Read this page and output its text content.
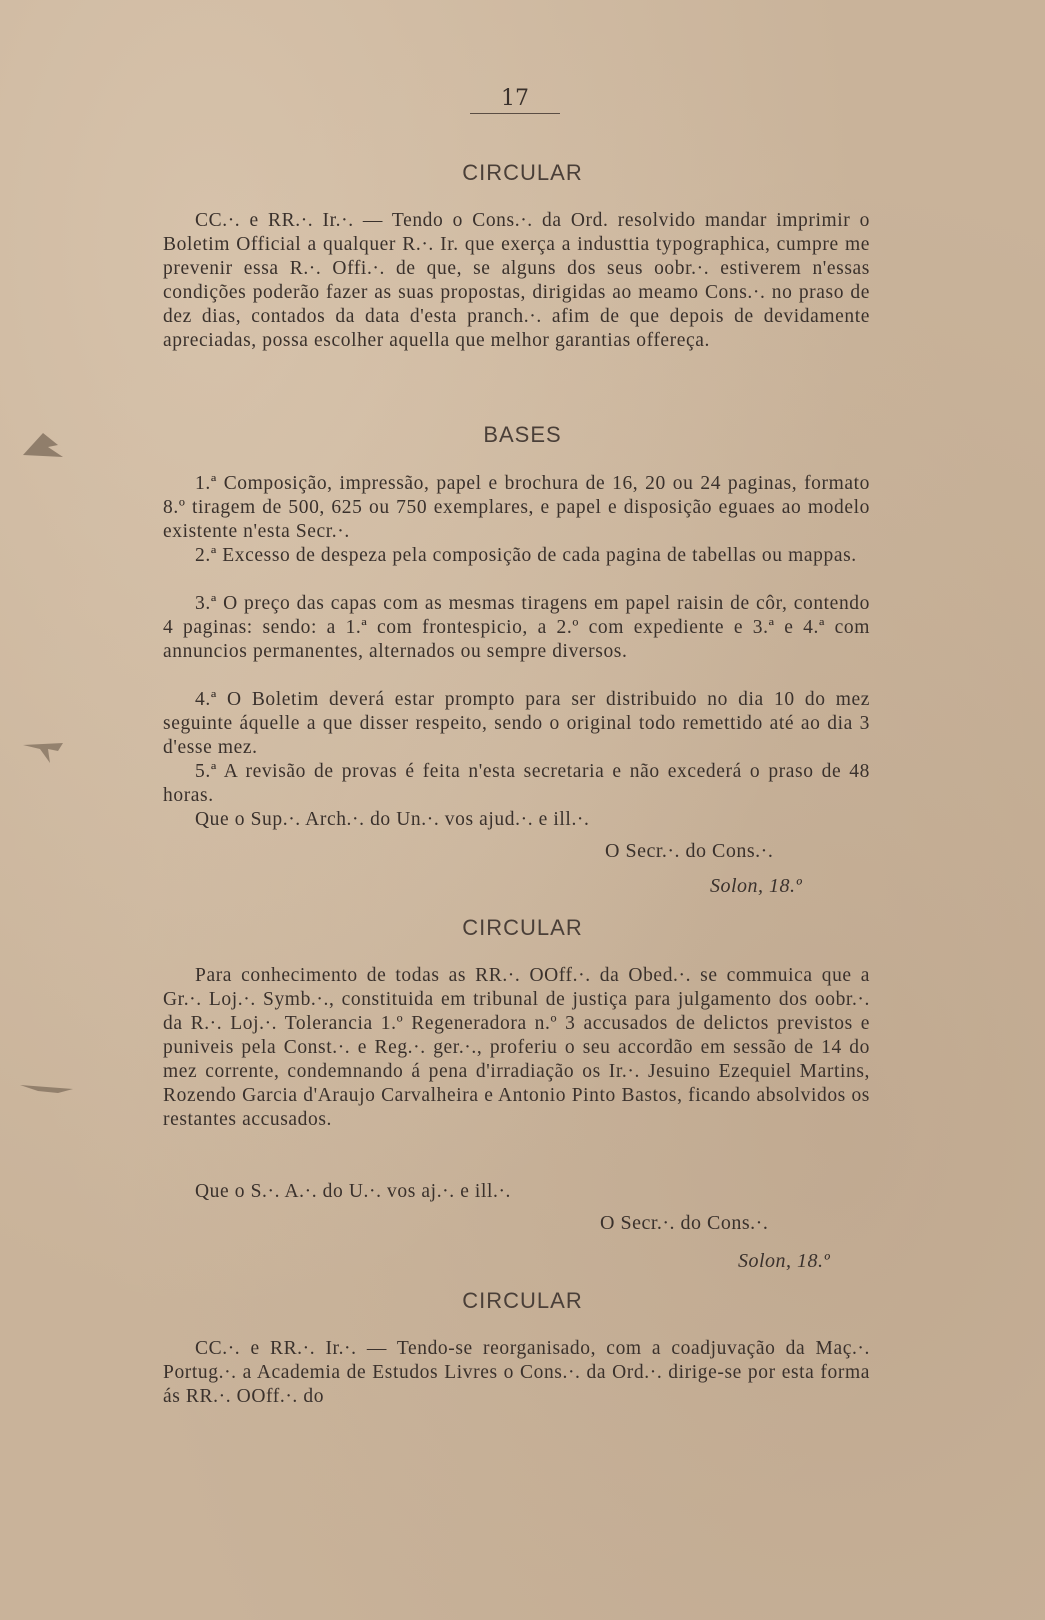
17
CIRCULAR
CC.·. e RR.·. Ir.·. — Tendo o Cons.·. da Ord. resolvido mandar imprimir o Boletim Official a qualquer R.·. Ir. que exerça a industtia typographica, cumpre me prevenir essa R.·. Offi.·. de que, se alguns dos seus oobr.·. estiverem n'essas condições poderão fazer as suas propostas, dirigidas ao meamo Cons.·. no praso de dez dias, contados da data d'esta pranch.·. afim de que depois de devidamente apreciadas, possa escolher aquella que melhor garantias offereça.
BASES
1.ª Composição, impressão, papel e brochura de 16, 20 ou 24 paginas, formato 8.º tiragem de 500, 625 ou 750 exemplares, e papel e disposição eguaes ao modelo existente n'esta Secr.·.
2.ª Excesso de despeza pela composição de cada pagina de tabellas ou mappas.
3.ª O preço das capas com as mesmas tiragens em papel raisin de côr, contendo 4 paginas: sendo: a 1.ª com frontespicio, a 2.º com expediente e 3.ª e 4.ª com annuncios permanentes, alternados ou sempre diversos.
4.ª O Boletim deverá estar prompto para ser distribuido no dia 10 do mez seguinte áquelle a que disser respeito, sendo o original todo remettido até ao dia 3 d'esse mez.
5.ª A revisão de provas é feita n'esta secretaria e não excederá o praso de 48 horas.
Que o Sup.·. Arch.·. do Un.·. vos ajud.·. e ill.·.
O Secr.·. do Cons.·.
Solon, 18.º
CIRCULAR
Para conhecimento de todas as RR.·. OOff.·. da Obed.·. se commuica que a Gr.·. Loj.·. Symb.·., constituida em tribunal de justiça para julgamento dos oobr.·. da R.·. Loj.·. Tolerancia 1.º Regeneradora n.º 3 accusados de delictos previstos e puniveis pela Const.·. e Reg.·. ger.·., proferiu o seu accordão em sessão de 14 do mez corrente, condemnando á pena d'irradiação os Ir.·. Jesuino Ezequiel Martins, Rozendo Garcia d'Araujo Carvalheira e Antonio Pinto Bastos, ficando absolvidos os restantes accusados.
Que o S.·. A.·. do U.·. vos aj.·. e ill.·.
O Secr.·. do Cons.·.
Solon, 18.º
CIRCULAR
CC.·. e RR.·. Ir.·. — Tendo-se reorganisado, com a coadjuvação da Maç.·. Portug.·. a Academia de Estudos Livres o Cons.·. da Ord.·. dirige-se por esta forma ás RR.·. OOff.·. do
